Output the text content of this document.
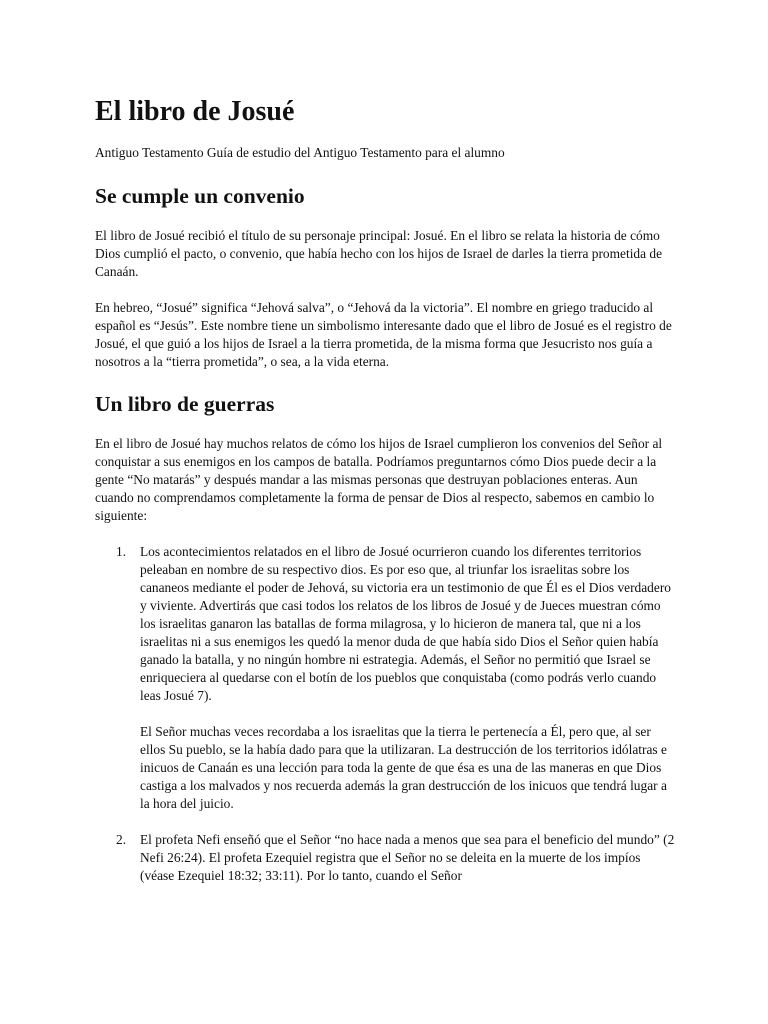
El libro de Josué

Antiguo Testamento Guía de estudio del Antiguo Testamento para el alumno

Se cumple un convenio

El libro de Josué recibió el título de su personaje principal: Josué. En el libro se relata la historia de cómo Dios cumplió el pacto, o convenio, que había hecho con los hijos de Israel de darles la tierra prometida de Canaán.

En hebreo, “Josué” significa “Jehová salva”, o “Jehová da la victoria”. El nombre en griego traducido al español es “Jesús”. Este nombre tiene un simbolismo interesante dado que el libro de Josué es el registro de Josué, el que guió a los hijos de Israel a la tierra prometida, de la misma forma que Jesucristo nos guía a nosotros a la “tierra prometida”, o sea, a la vida eterna.

Un libro de guerras

En el libro de Josué hay muchos relatos de cómo los hijos de Israel cumplieron los convenios del Señor al conquistar a sus enemigos en los campos de batalla. Podríamos preguntarnos cómo Dios puede decir a la gente “No matarás” y después mandar a las mismas personas que destruyan poblaciones enteras. Aun cuando no comprendamos completamente la forma de pensar de Dios al respecto, sabemos en cambio lo siguiente:

1. Los acontecimientos relatados en el libro de Josué ocurrieron cuando los diferentes territorios peleaban en nombre de su respectivo dios. Es por eso que, al triunfar los israelitas sobre los cananeos mediante el poder de Jehová, su victoria era un testimonio de que Él es el Dios verdadero y viviente. Advertirás que casi todos los relatos de los libros de Josué y de Jueces muestran cómo los israelitas ganaron las batallas de forma milagrosa, y lo hicieron de manera tal, que ni a los israelitas ni a sus enemigos les quedó la menor duda de que había sido Dios el Señor quien había ganado la batalla, y no ningún hombre ni estrategia. Además, el Señor no permitió que Israel se enriqueciera al quedarse con el botín de los pueblos que conquistaba (como podrás verlo cuando leas Josué 7).

El Señor muchas veces recordaba a los israelitas que la tierra le pertenecía a Él, pero que, al ser ellos Su pueblo, se la había dado para que la utilizaran. La destrucción de los territorios idólatras e inicuos de Canaán es una lección para toda la gente de que ésa es una de las maneras en que Dios castiga a los malvados y nos recuerda además la gran destrucción de los inicuos que tendrá lugar a la hora del juicio.

2. El profeta Nefi enseñó que el Señor “no hace nada a menos que sea para el beneficio del mundo” (2 Nefi 26:24). El profeta Ezequiel registra que el Señor no se deleita en la muerte de los impíos (véase Ezequiel 18:32; 33:11). Por lo tanto, cuando el Señor
